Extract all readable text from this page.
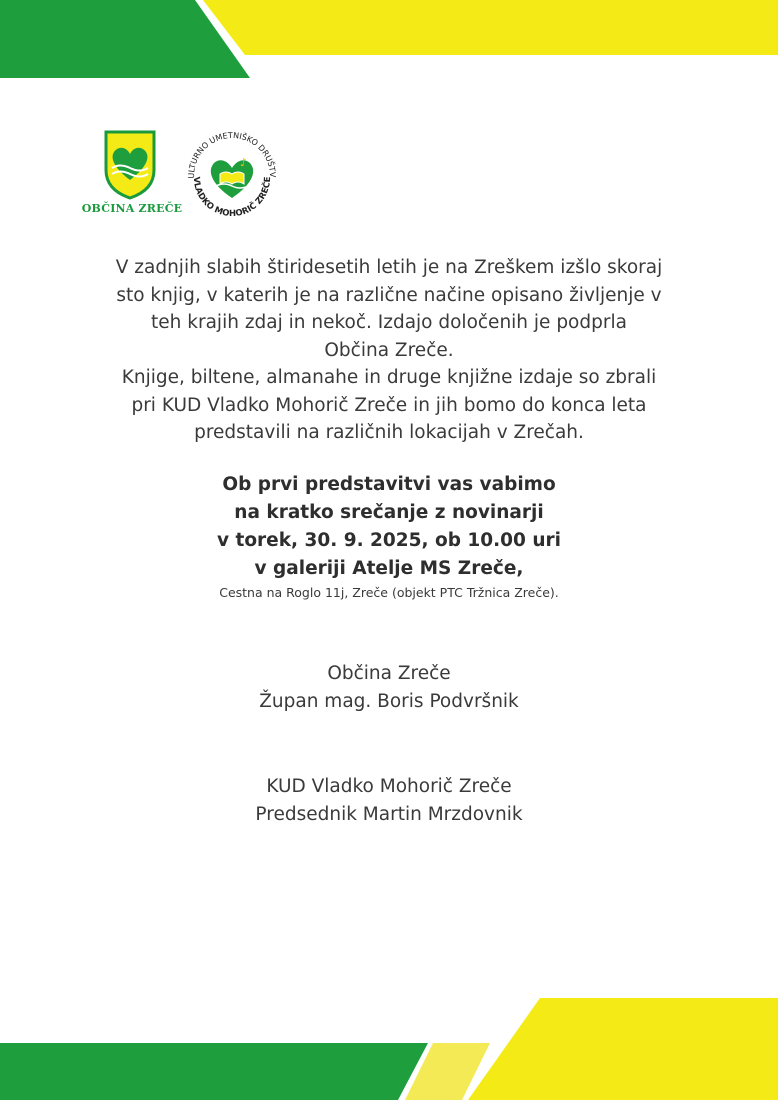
OBČINA ZREČE
ULTURNO UMETNIŠKO DRUŠTV
VLADKO MOHORIČ ZREČE
♪

V zadnjih slabih štiridesetih letih je na Zreškem izšlo skoraj
sto knjig, v katerih je na različne načine opisano življenje v
teh krajih zdaj in nekoč. Izdajo določenih je podprla
Občina Zreče.
Knjige, biltene, almanahe in druge knjižne izdaje so zbrali
pri KUD Vladko Mohorič Zreče in jih bomo do konca leta
predstavili na različnih lokacijah v Zrečah.

Ob prvi predstavitvi vas vabimo
na kratko srečanje z novinarji
v torek, 30. 9. 2025, ob 10.00 uri
v galeriji Atelje MS Zreče,
Cestna na Roglo 11j, Zreče (objekt PTC Tržnica Zreče).
Občina Zreče
Župan mag. Boris Podvršnik
KUD Vladko Mohorič Zreče
Predsednik Martin Mrzdovnik
